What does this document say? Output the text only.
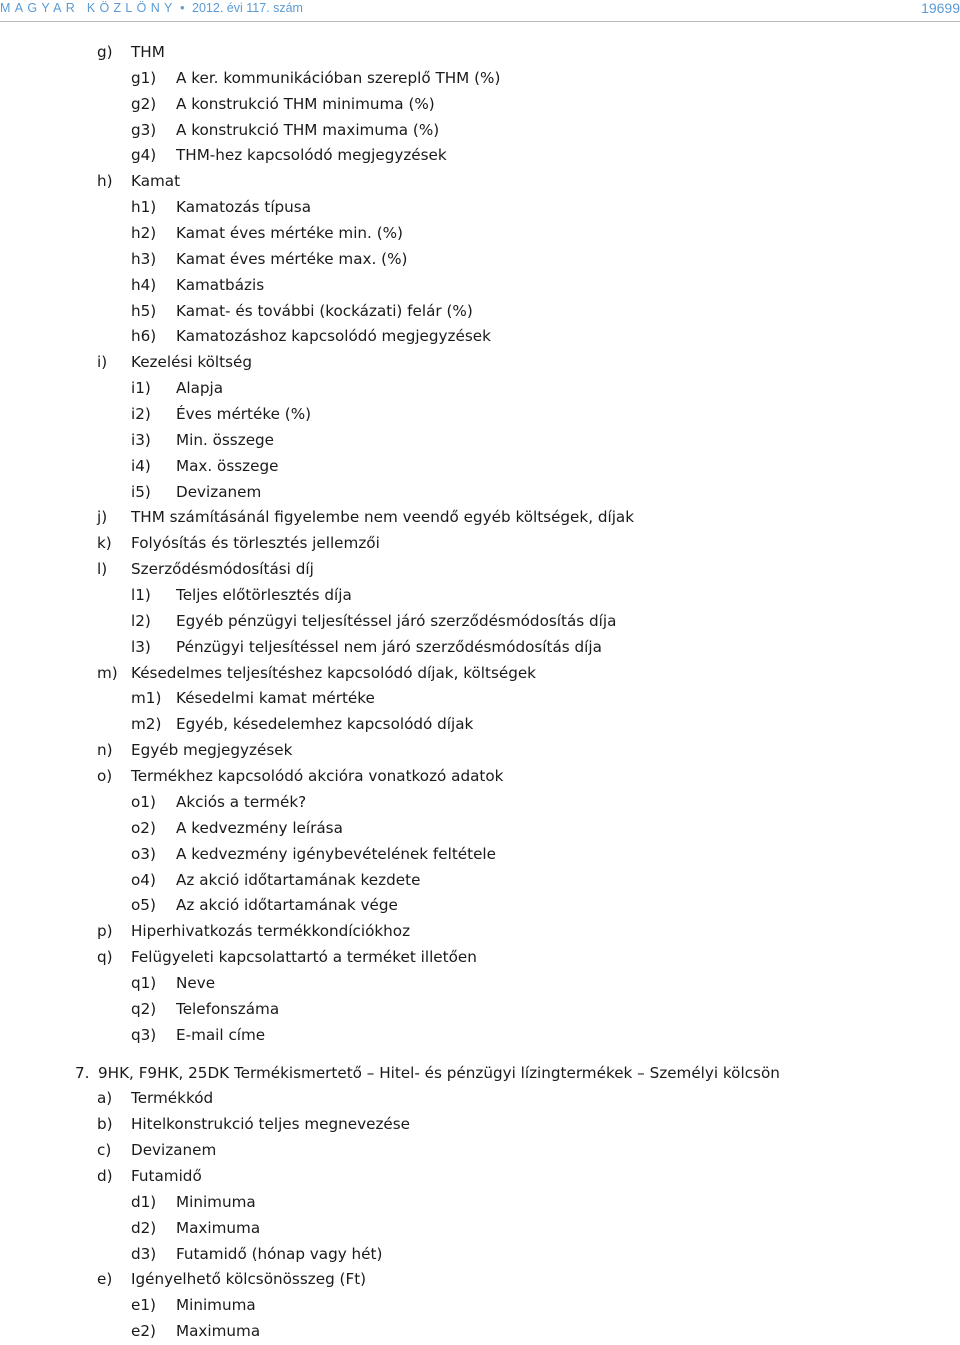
MAGYAR KÖZLÖNY • 2012. évi 117. szám	19699
g) THM
g1) A ker. kommunikációban szereplő THM (%)
g2) A konstrukció THM minimuma (%)
g3) A konstrukció THM maximuma (%)
g4) THM-hez kapcsolódó megjegyzések
h) Kamat
h1) Kamatozás típusa
h2) Kamat éves mértéke min. (%)
h3) Kamat éves mértéke max. (%)
h4) Kamatbázis
h5) Kamat- és további (kockázati) felár (%)
h6) Kamatozáshoz kapcsolódó megjegyzések
i) Kezelési költség
i1) Alapja
i2) Éves mértéke (%)
i3) Min. összege
i4) Max. összege
i5) Devizanem
j) THM számításánál figyelembe nem veendő egyéb költségek, díjak
k) Folyósítás és törlesztés jellemzői
l) Szerződésmódosítási díj
l1) Teljes előtörlesztés díja
l2) Egyéb pénzügyi teljesítéssel járó szerződésmódosítás díja
l3) Pénzügyi teljesítéssel nem járó szerződésmódosítás díja
m) Késedelmes teljesítéshez kapcsolódó díjak, költségek
m1) Késedelmi kamat mértéke
m2) Egyéb, késedelemhez kapcsolódó díjak
n) Egyéb megjegyzések
o) Termékhez kapcsolódó akcióra vonatkozó adatok
o1) Akciós a termék?
o2) A kedvezmény leírása
o3) A kedvezmény igénybevételének feltétele
o4) Az akció időtartamának kezdete
o5) Az akció időtartamának vége
p) Hiperhivatkozás termékkondíciókhoz
q) Felügyeleti kapcsolattartó a terméket illetően
q1) Neve
q2) Telefonszáma
q3) E-mail címe
7. 9HK, F9HK, 25DK Termékismertető – Hitel- és pénzügyi lízingtermékek – Személyi kölcsön
a) Termékkód
b) Hitelkonstrukció teljes megnevezése
c) Devizanem
d) Futamidő
d1) Minimuma
d2) Maximuma
d3) Futamidő (hónap vagy hét)
e) Igényelhető kölcsönösszeg (Ft)
e1) Minimuma
e2) Maximuma
